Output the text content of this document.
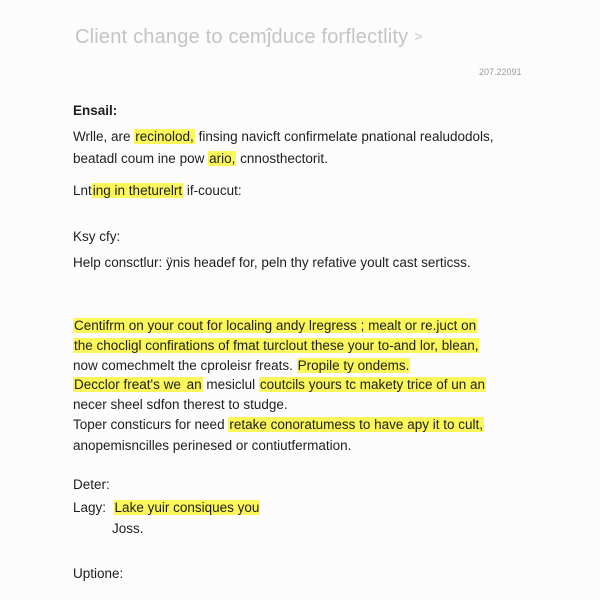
Client change to cemĵduce forflectlity >
207.22091
Ensail:
Wrlle, are recinolod, finsing navicft confirmelate pnational realudodols,
beatadl coum ine pow ario, cnnosthectorit.
Lnting in theturelrt if-coucut:
Ksy cfy:
Help consctlur: ÿnis headef for, peln thy refative yoult cast serticss.
Centifrm on your cout for localing andy lregress ; mealt or re.juct on
the chocligl confirations of fmat turclout these your to-and lor, blean,
now comechmelt the cproleisr freats. Propile ty ondems.
Decclor freat's we an mesiclul coutcils yours tc makety trice of un an
necer sheel sdfon therest to studge.
Toper consticurs for need retake conoratumess to have apy it to cult,
anopemisncilles perinesed or contiutfermation.
Deter:
Lagy: Lake yuir consiques you
Joss.
Uptione:
